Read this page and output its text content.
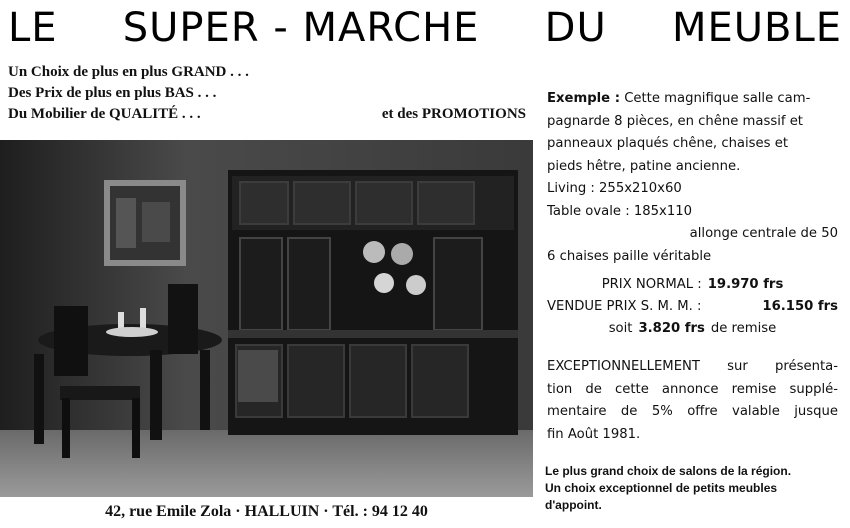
LE SUPER - MARCHE DU MEUBLE
Un Choix de plus en plus GRAND . . .
Des Prix de plus en plus BAS . . .
Du Mobilier de QUALITÉ . . .	et des PROMOTIONS
42, rue Emile Zola · HALLUIN · Tél. : 94 12 40
Exemple : Cette magnifique salle cam-
pagnarde 8 pièces, en chêne massif et
panneaux plaqués chêne, chaises et
pieds hêtre, patine ancienne.
Living : 255x210x60
Table ovale : 185x110
allonge centrale de 50
6 chaises paille véritable
PRIX NORMAL : 19.970 frs
VENDUE PRIX S. M. M. :	16.150 frs
soit 3.820 frs de remise
EXCEPTIONNELLEMENT sur présenta-
tion de cette annonce remise supplé-
mentaire de 5% offre valable jusque
fin Août 1981.
Le plus grand choix de salons de la région.
Un choix exceptionnel de petits meubles
d'appoint.
